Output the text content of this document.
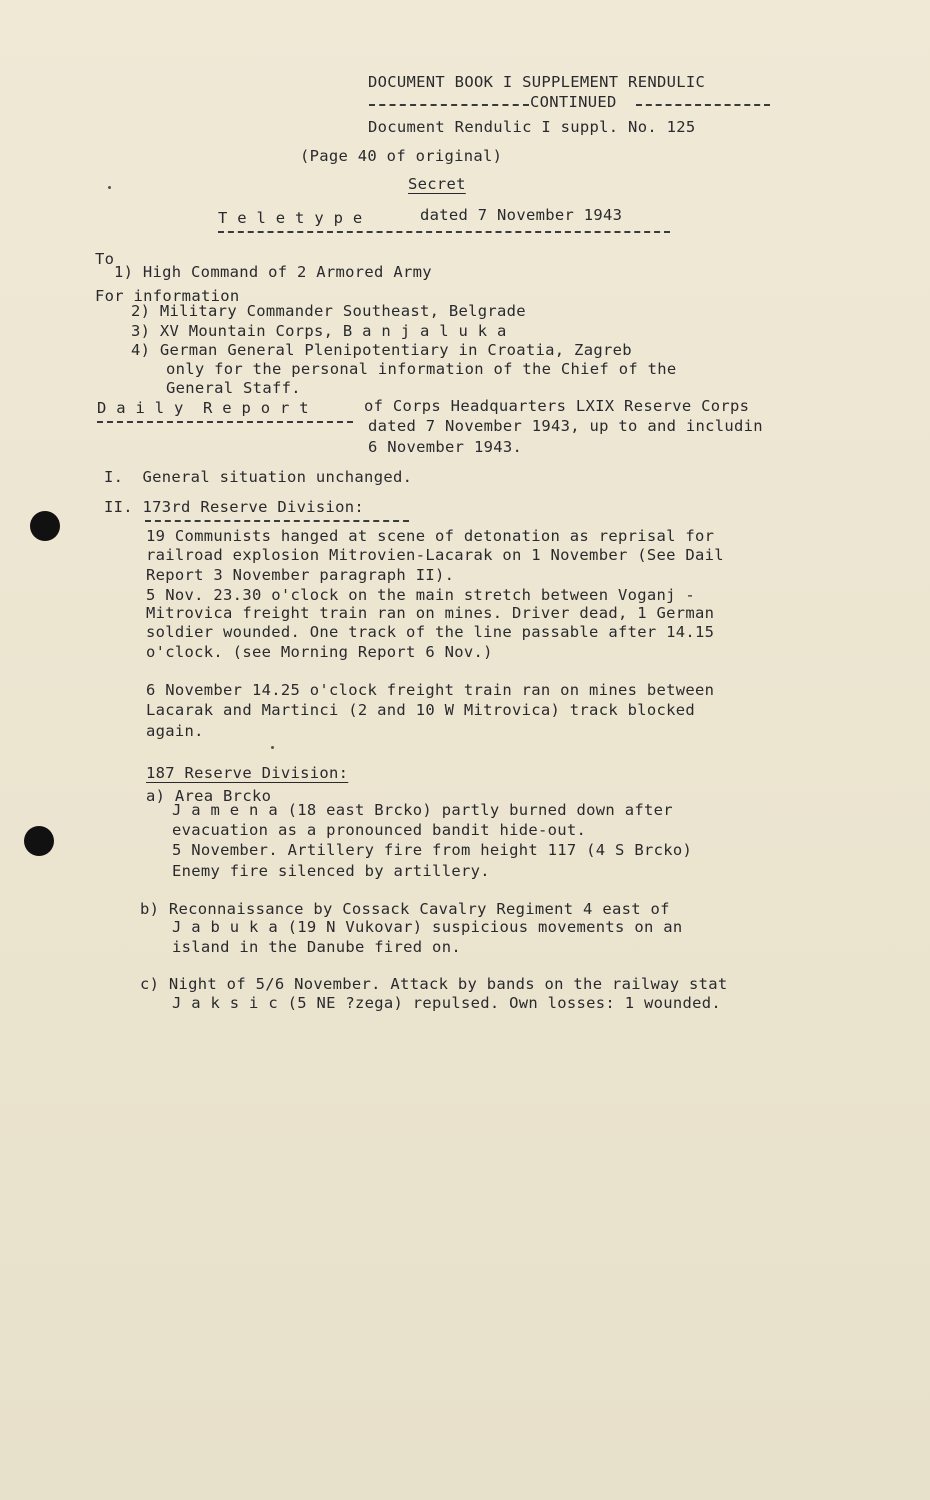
DOCUMENT BOOK I SUPPLEMENT RENDULIC

CONTINUED

Document Rendulic I suppl. No. 125

(Page 40 of original)

Secret

T e l e t y p e	dated 7 November 1943

To

1) High Command of 2 Armored Army

For information

2) Military Commander Southeast, Belgrade

3) XV Mountain Corps, B a n j a l u k a

4) German General Plenipotentiary in Croatia, Zagreb

only for the personal information of the Chief of the

General Staff.

D a i l y  R e p o r t	of Corps Headquarters LXIX Reserve Corps

dated 7 November 1943, up to and includin

6 November 1943.

I.  General situation unchanged.

II. 173rd Reserve Division:

19 Communists hanged at scene of detonation as reprisal for

railroad explosion Mitrovien-Lacarak on 1 November (See Dail

Report 3 November paragraph II).

5 Nov. 23.30 o'clock on the main stretch between Voganj -

Mitrovica freight train ran on mines. Driver dead, 1 German

soldier wounded. One track of the line passable after 14.15

o'clock. (see Morning Report 6 Nov.)

6 November 14.25 o'clock freight train ran on mines between

Lacarak and Martinci (2 and 10 W Mitrovica) track blocked

again.

187 Reserve Division:

a) Area Brcko

J a m e n a (18 east Brcko) partly burned down after

evacuation as a pronounced bandit hide-out.

5 November. Artillery fire from height 117 (4 S Brcko)

Enemy fire silenced by artillery.

b) Reconnaissance by Cossack Cavalry Regiment 4 east of

J a b u k a (19 N Vukovar) suspicious movements on an

island in the Danube fired on.

c) Night of 5/6 November. Attack by bands on the railway stat

J a k s i c (5 NE ?zega) repulsed. Own losses: 1 wounded.
